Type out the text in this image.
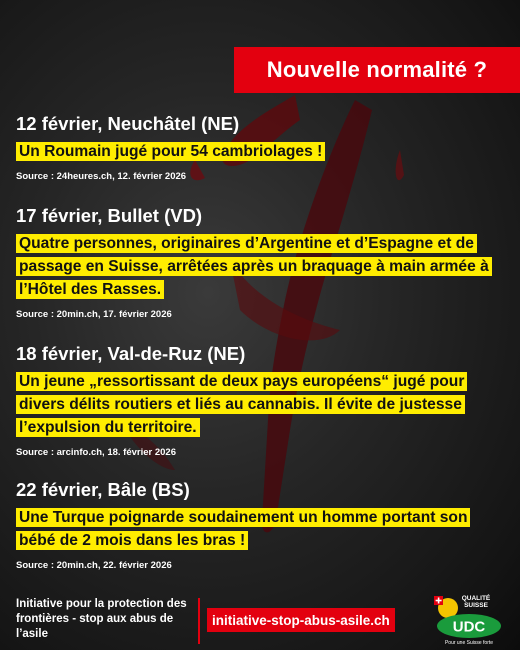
Nouvelle normalité ?
12 février, Neuchâtel (NE)
Un Roumain jugé pour 54 cambriolages !
Source : 24heures.ch, 12. février 2026
17 février, Bullet (VD)
Quatre personnes, originaires d’Argentine et d’Espagne et de passage en Suisse, arrêtées après un braquage à main armée à l’Hôtel des Rasses.
Source : 20min.ch, 17. février 2026
18 février, Val-de-Ruz (NE)
Un jeune „ressortissant de deux pays européens“ jugé pour divers délits routiers et liés au cannabis. Il évite de justesse l’expulsion du territoire.
Source : arcinfo.ch, 18. février 2026
22 février, Bâle (BS)
Une Turque poignarde soudainement un homme portant son bébé de 2 mois dans les bras !
Source : 20min.ch, 22. février 2026
Initiative pour la protection des frontières - stop aux abus de l’asile
initiative-stop-abus-asile.ch
QUALITÉ
SUISSE
UDC
Pour une Suisse forte
